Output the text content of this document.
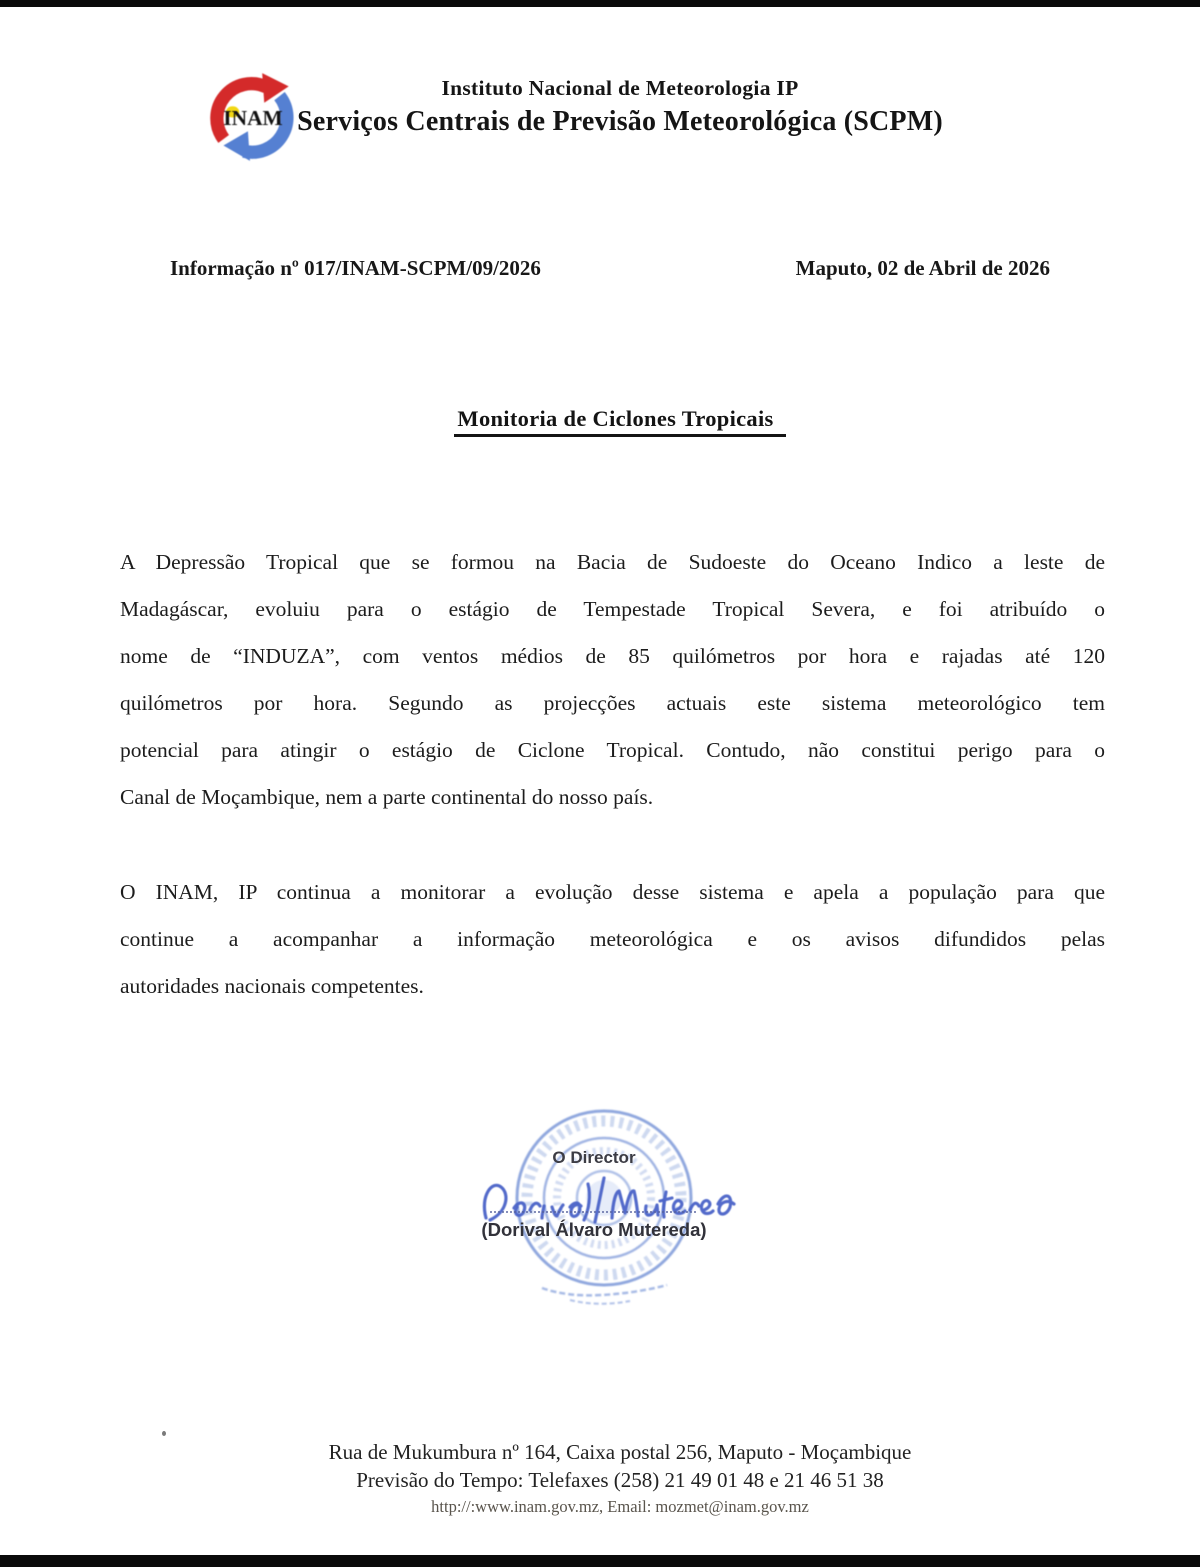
INAM
Instituto Nacional de Meteorologia IP
Serviços Centrais de Previsão Meteorológica (SCPM)
Informação nº 017/INAM-SCPM/09/2026	Maputo, 02 de Abril de 2026
Monitoria de Ciclones Tropicais
A Depressão Tropical que se formou na Bacia de Sudoeste do Oceano Indico a leste de
Madagáscar, evoluiu para o estágio de Tempestade Tropical Severa, e foi atribuído o
nome de “INDUZA”, com ventos médios de 85 quilómetros por hora e rajadas até 120
quilómetros por hora. Segundo as projecções actuais este sistema meteorológico tem
potencial para atingir o estágio de Ciclone Tropical. Contudo, não constitui perigo para o
Canal de Moçambique, nem a parte continental do nosso país.
O INAM, IP continua a monitorar a evolução desse sistema e apela a população para que
continue a acompanhar a informação meteorológica e os avisos difundidos pelas
autoridades nacionais competentes.
O Director
(Dorival Álvaro Mutereda)
Rua de Mukumbura nº 164, Caixa postal 256, Maputo - Moçambique
Previsão do Tempo: Telefaxes (258) 21 49 01 48 e 21 46 51 38
http://:www.inam.gov.mz, Email: mozmet@inam.gov.mz
